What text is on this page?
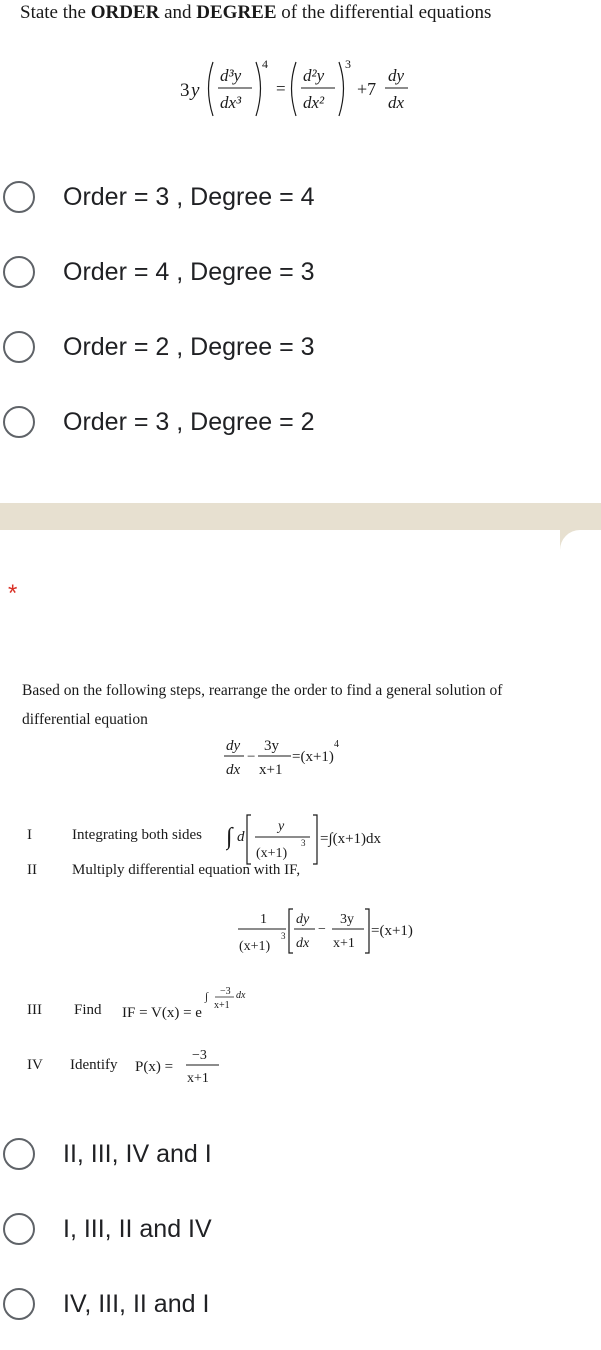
State the ORDER and DEGREE of the differential equations
3 y
d³y
dx³
4
=
d²y
dx²
3
+7
dy
dx
Order = 3 , Degree = 4
Order = 4 , Degree = 3
Order = 2 , Degree = 3
Order = 3 , Degree = 2
*
Based on the following steps, rearrange the order to find a general solution of differential equation
dy
dx
−
3y
x+1
=(x+1)
4
I	Integrating both sides ∫ d
y
(x+1)
3 =∫(x+1)dx
II Multiply differential equation with IF,
1
(x+1)
3
dy
dx
−
3y
x+1
=(x+1)
III Find IF = V(x) = e
∫ −3
x+1
dx
IV Identify P(x) =
−3
x+1
II, III, IV and I
I, III, II and IV
IV, III, II and I
